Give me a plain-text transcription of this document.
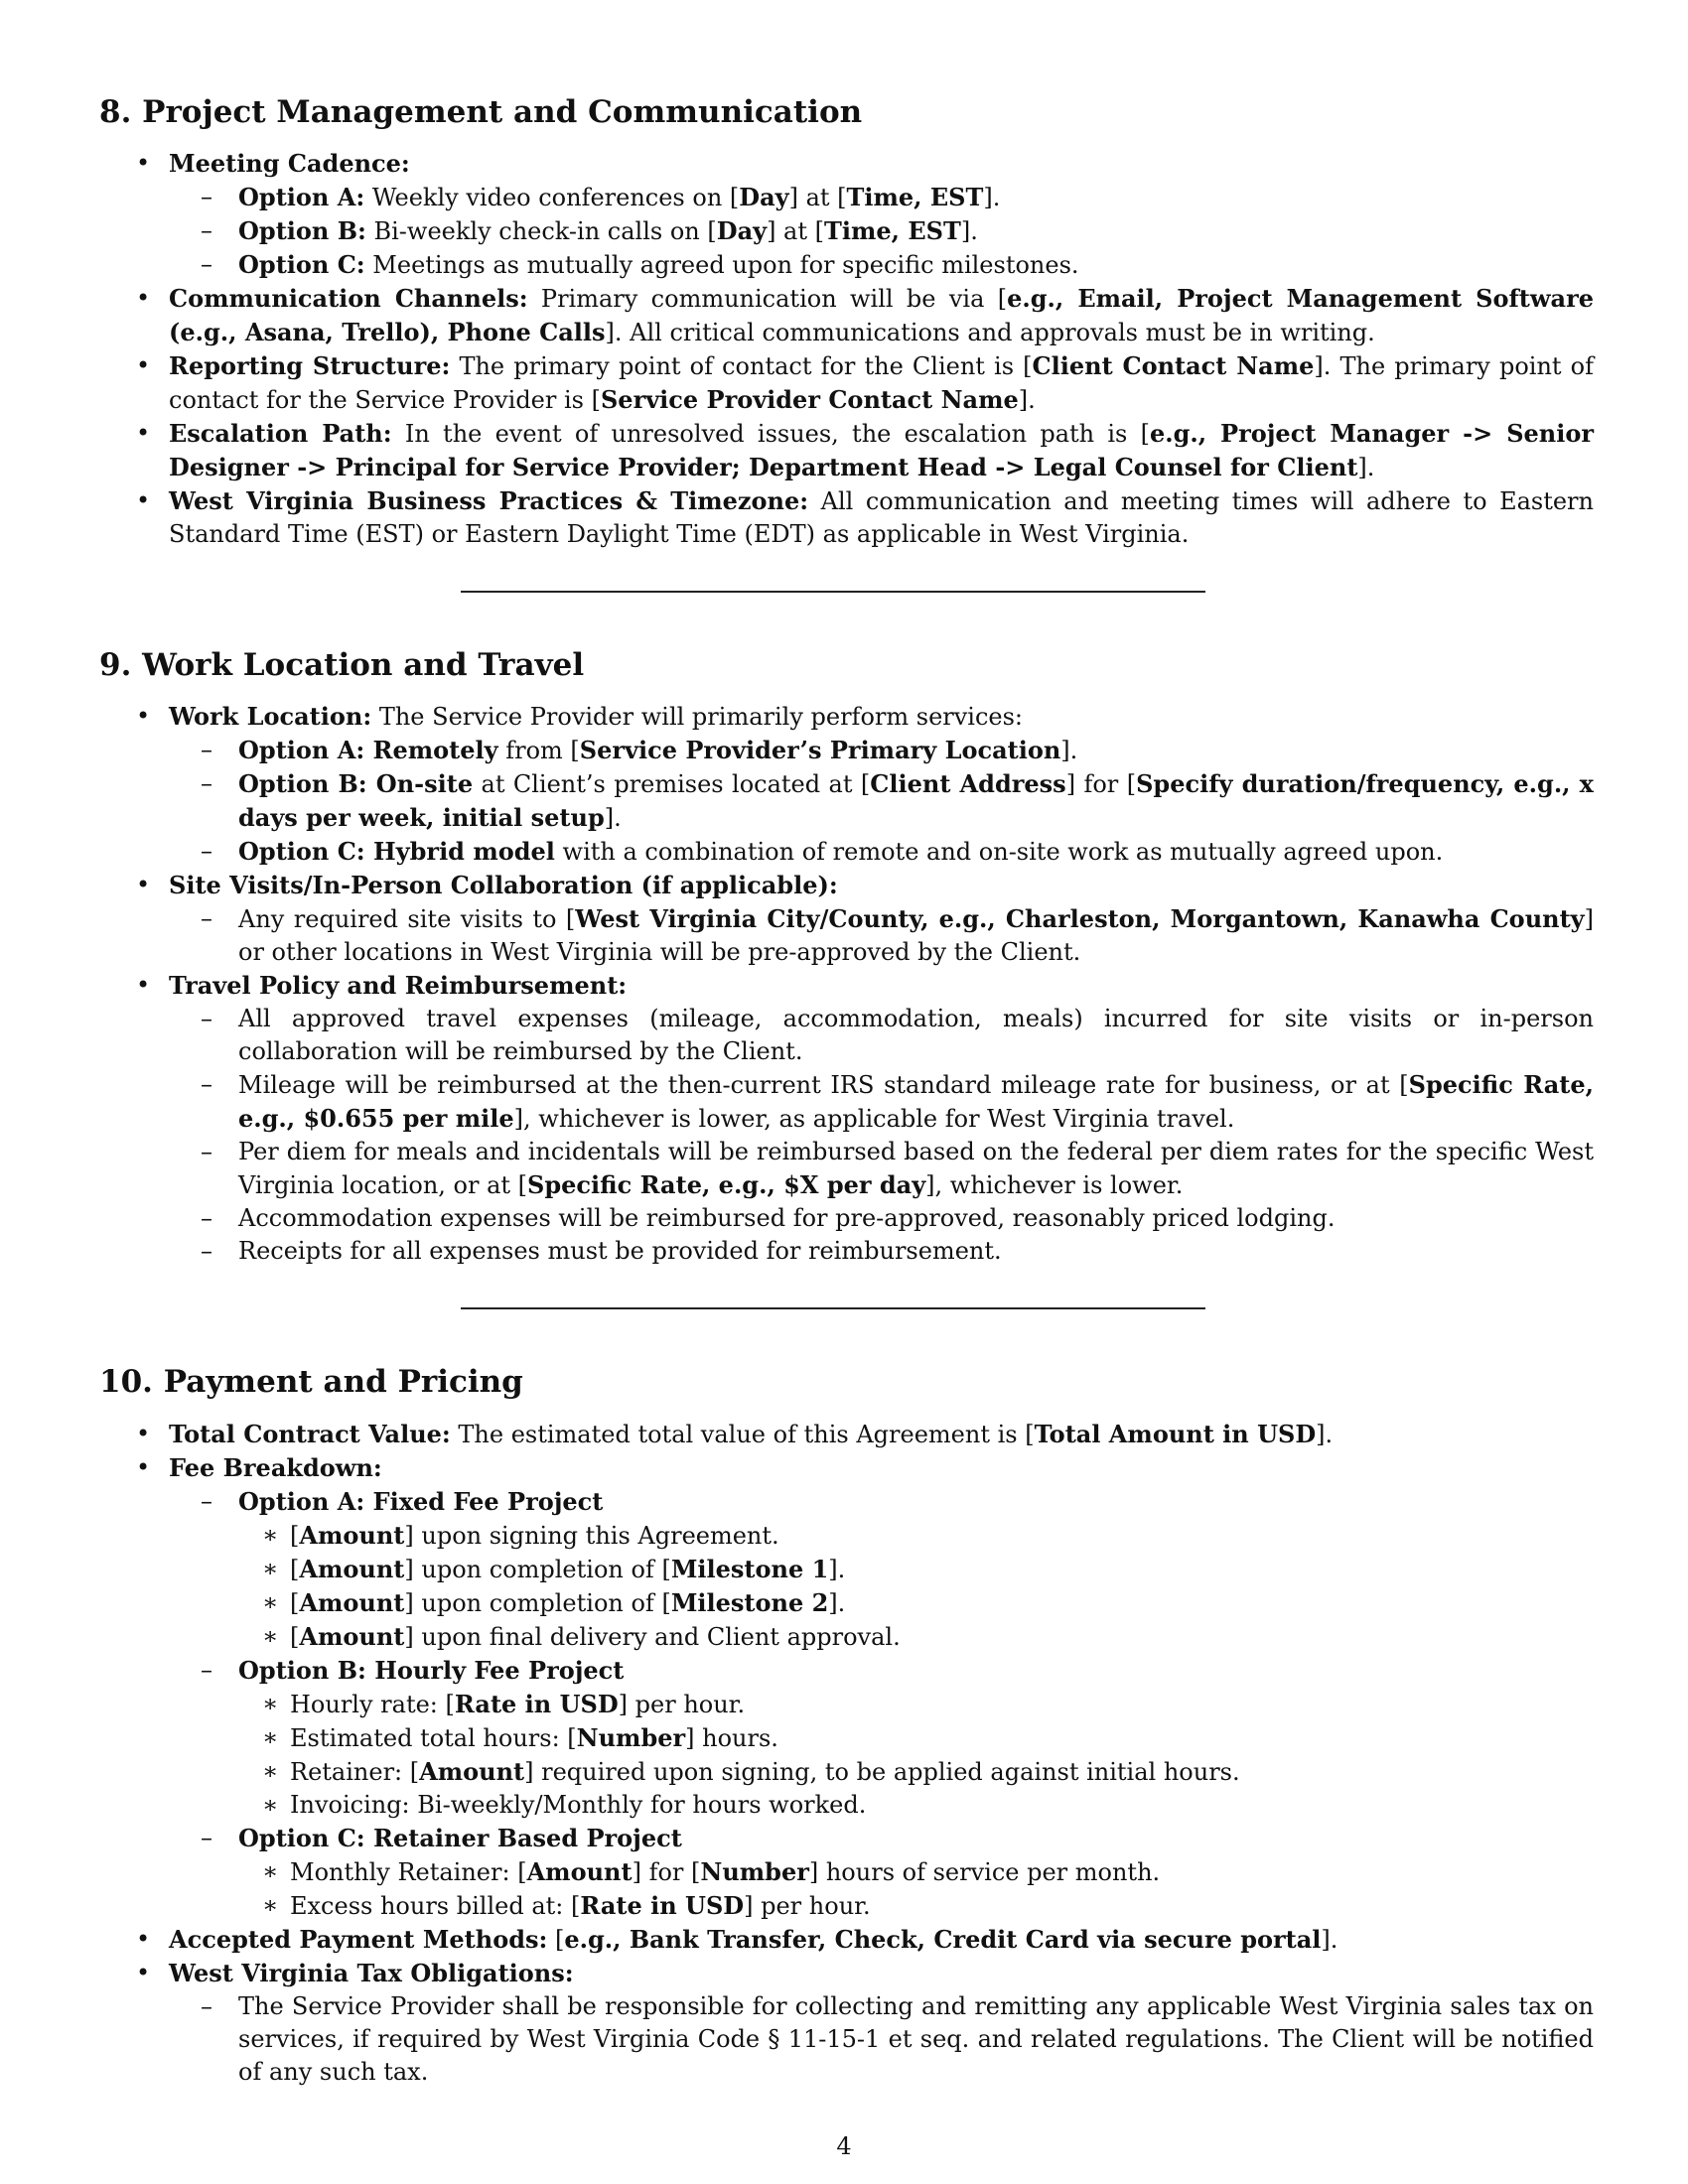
8. Project Management and Communication
• Meeting Cadence:
– Option A: Weekly video conferences on [Day] at [Time, EST].
– Option B: Bi-weekly check-in calls on [Day] at [Time, EST].
– Option C: Meetings as mutually agreed upon for specific milestones.
• Communication Channels: Primary communication will be via [e.g., Email, Project Management Software (e.g., Asana, Trello), Phone Calls]. All critical communications and approvals must be in writing.
• Reporting Structure: The primary point of contact for the Client is [Client Contact Name]. The primary point of contact for the Service Provider is [Service Provider Contact Name].
• Escalation Path: In the event of unresolved issues, the escalation path is [e.g., Project Manager -> Senior Designer -> Principal for Service Provider; Department Head -> Legal Counsel for Client].
• West Virginia Business Practices & Timezone: All communication and meeting times will adhere to Eastern Standard Time (EST) or Eastern Daylight Time (EDT) as applicable in West Virginia.
9. Work Location and Travel
• Work Location: The Service Provider will primarily perform services:
– Option A: Remotely from [Service Provider’s Primary Location].
– Option B: On-site at Client’s premises located at [Client Address] for [Specify duration/frequency, e.g., x days per week, initial setup].
– Option C: Hybrid model with a combination of remote and on-site work as mutually agreed upon.
• Site Visits/In-Person Collaboration (if applicable):
– Any required site visits to [West Virginia City/County, e.g., Charleston, Morgantown, Kanawha County] or other locations in West Virginia will be pre-approved by the Client.
• Travel Policy and Reimbursement:
– All approved travel expenses (mileage, accommodation, meals) incurred for site visits or in-person collaboration will be reimbursed by the Client.
– Mileage will be reimbursed at the then-current IRS standard mileage rate for business, or at [Specific Rate, e.g., $0.655 per mile], whichever is lower, as applicable for West Virginia travel.
– Per diem for meals and incidentals will be reimbursed based on the federal per diem rates for the specific West Virginia location, or at [Specific Rate, e.g., $X per day], whichever is lower.
– Accommodation expenses will be reimbursed for pre-approved, reasonably priced lodging.
– Receipts for all expenses must be provided for reimbursement.
10. Payment and Pricing
• Total Contract Value: The estimated total value of this Agreement is [Total Amount in USD].
• Fee Breakdown:
– Option A: Fixed Fee Project
∗ [Amount] upon signing this Agreement.
∗ [Amount] upon completion of [Milestone 1].
∗ [Amount] upon completion of [Milestone 2].
∗ [Amount] upon final delivery and Client approval.
– Option B: Hourly Fee Project
∗ Hourly rate: [Rate in USD] per hour.
∗ Estimated total hours: [Number] hours.
∗ Retainer: [Amount] required upon signing, to be applied against initial hours.
∗ Invoicing: Bi-weekly/Monthly for hours worked.
– Option C: Retainer Based Project
∗ Monthly Retainer: [Amount] for [Number] hours of service per month.
∗ Excess hours billed at: [Rate in USD] per hour.
• Accepted Payment Methods: [e.g., Bank Transfer, Check, Credit Card via secure portal].
• West Virginia Tax Obligations:
– The Service Provider shall be responsible for collecting and remitting any applicable West Virginia sales tax on services, if required by West Virginia Code § 11-15-1 et seq. and related regulations. The Client will be notified of any such tax.
4
